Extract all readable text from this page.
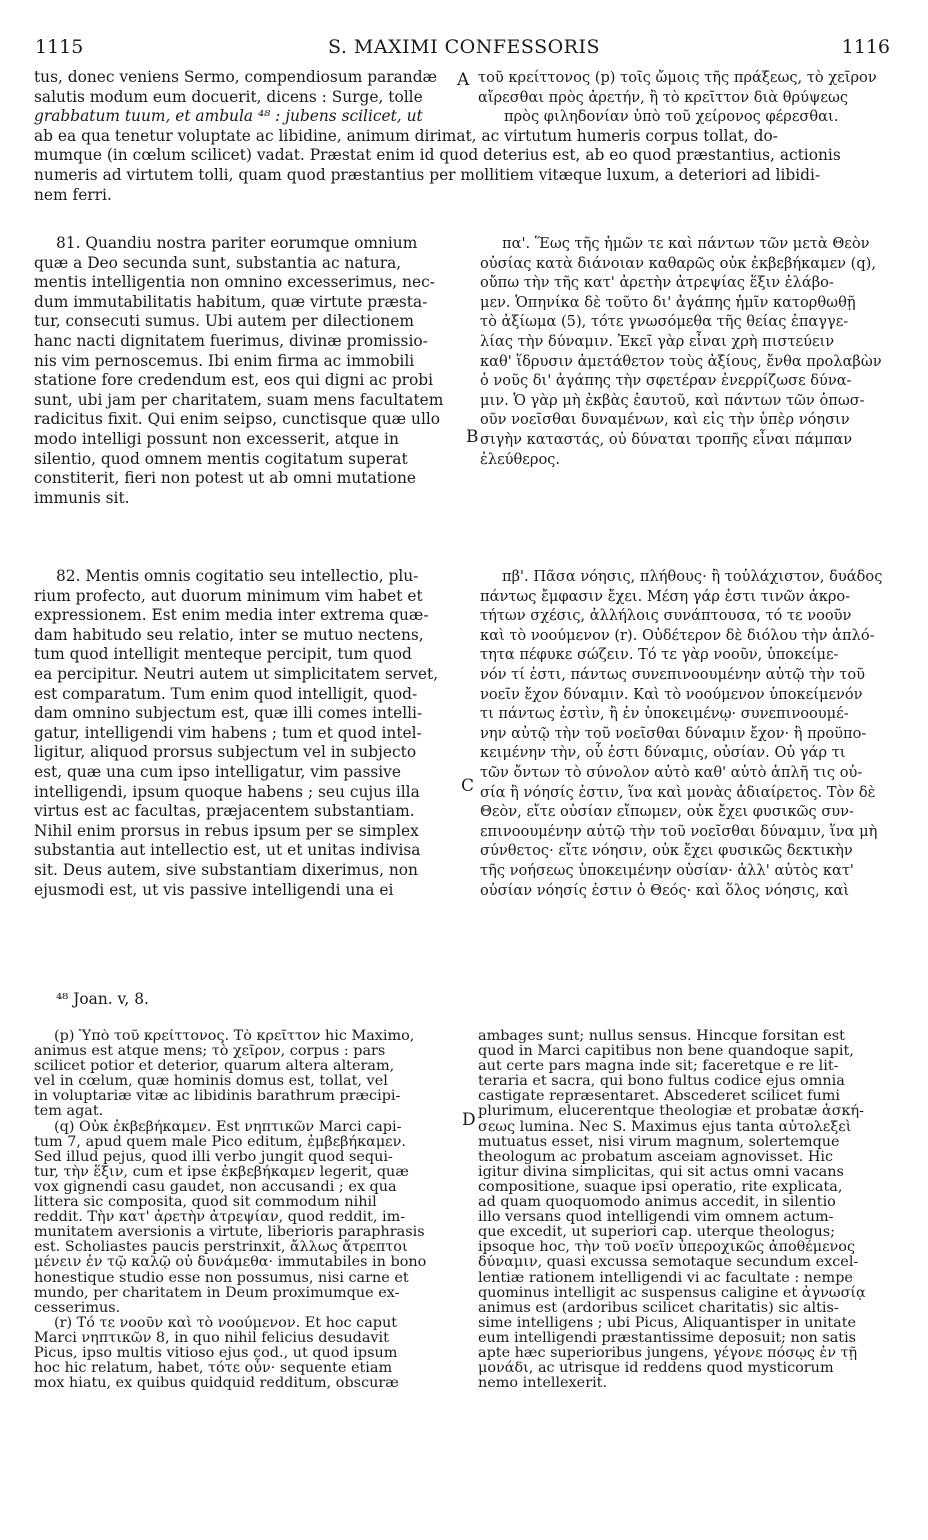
1115	S. MAXIMI CONFESSORIS	1116
A
B
C
D
tus, donec veniens Sermo, compendiosum parandæ
salutis modum eum docuerit, dicens : Surge, tolle
grabbatum tuum, et ambula ⁴⁸ : jubens scilicet, ut
ab ea qua tenetur voluptate ac libidine, animum dirimat, ac virtutum humeris corpus tollat, do-
mumque (in cœlum scilicet) vadat. Præstat enim id quod deterius est, ab eo quod præstantius, actionis
numeris ad virtutem tolli, quam quod præstantius per mollitiem vitæque luxum, a deteriori ad libidi-
nem ferri.
τοῦ κρείττονος (p) τοῖς ὤμοις τῆς πράξεως, τὸ χεῖρον
αἴρεσθαι πρὸς ἀρετήν, ἢ τὸ κρεῖττον διὰ θρύψεως
πρὸς φιληδονίαν ὑπὸ τοῦ χείρονος φέρεσθαι.
81. Quandiu nostra pariter eorumque omnium
quæ a Deo secunda sunt, substantia ac natura,
mentis intelligentia non omnino excesserimus, nec-
dum immutabilitatis habitum, quæ virtute præsta-
tur, consecuti sumus. Ubi autem per dilectionem
hanc nacti dignitatem fuerimus, divinæ promissio-
nis vim pernoscemus. Ibi enim firma ac immobili
statione fore credendum est, eos qui digni ac probi
sunt, ubi jam per charitatem, suam mens facultatem
radicitus fixit. Qui enim seipso, cunctisque quæ ullo
modo intelligi possunt non excesserit, atque in
silentio, quod omnem mentis cogitatum superat
constiterit, fieri non potest ut ab omni mutatione
immunis sit.
πα'. Ἕως τῆς ἡμῶν τε καὶ πάντων τῶν μετὰ Θεὸν
οὐσίας κατὰ διάνοιαν καθαρῶς οὐκ ἐκβεβήκαμεν (q),
οὔπω τὴν τῆς κατ' ἀρετὴν ἀτρεψίας ἕξιν ἐλάβο-
μεν. Ὁπηνίκα δὲ τοῦτο δι' ἀγάπης ἡμῖν κατορθωθῇ
τὸ ἀξίωμα (5), τότε γνωσόμεθα τῆς θείας ἐπαγγε-
λίας τὴν δύναμιν. Ἐκεῖ γὰρ εἶναι χρὴ πιστεύειν
καθ' ἵδρυσιν ἀμετάθετον τοὺς ἀξίους, ἔνθα προλαβὼν
ὁ νοῦς δι' ἀγάπης τὴν σφετέραν ἐνερρίζωσε δύνα-
μιν. Ὁ γὰρ μὴ ἐκβὰς ἑαυτοῦ, καὶ πάντων τῶν ὁπωσ-
οῦν νοεῖσθαι δυναμένων, καὶ εἰς τὴν ὑπὲρ νόησιν
σιγὴν καταστάς, οὐ δύναται τροπῆς εἶναι πάμπαν
ἐλεύθερος.
82. Mentis omnis cogitatio seu intellectio, plu-
rium profecto, aut duorum minimum vim habet et
expressionem. Est enim media inter extrema quæ-
dam habitudo seu relatio, inter se mutuo nectens,
tum quod intelligit menteque percipit, tum quod
ea percipitur. Neutri autem ut simplicitatem servet,
est comparatum. Tum enim quod intelligit, quod-
dam omnino subjectum est, quæ illi comes intelli-
gatur, intelligendi vim habens ; tum et quod intel-
ligitur, aliquod prorsus subjectum vel in subjecto
est, quæ una cum ipso intelligatur, vim passive
intelligendi, ipsum quoque habens ; seu cujus illa
virtus est ac facultas, præjacentem substantiam.
Nihil enim prorsus in rebus ipsum per se simplex
substantia aut intellectio est, ut et unitas indivisa
sit. Deus autem, sive substantiam dixerimus, non
ejusmodi est, ut vis passive intelligendi una ei
πβ'. Πᾶσα νόησις, πλήθους· ἢ τοὐλάχιστον, δυάδος
πάντως ἔμφασιν ἔχει. Μέση γάρ ἐστι τινῶν ἀκρο-
τήτων σχέσις, ἀλλήλοις συνάπτουσα, τό τε νοοῦν
καὶ τὸ νοούμενον (r). Οὐδέτερον δὲ διόλου τὴν ἁπλό-
τητα πέφυκε σώζειν. Τό τε γὰρ νοοῦν, ὑποκείμε-
νόν τί ἐστι, πάντως συνεπινοουμένην αὐτῷ τὴν τοῦ
νοεῖν ἔχον δύναμιν. Καὶ τὸ νοούμενον ὑποκείμενόν
τι πάντως ἐστὶν, ἢ ἐν ὑποκειμένῳ· συνεπινοουμέ-
νην αὐτῷ τὴν τοῦ νοεῖσθαι δύναμιν ἔχον· ἢ προϋπο-
κειμένην τὴν, οὗ ἐστι δύναμις, οὐσίαν. Οὐ γάρ τι
τῶν ὄντων τὸ σύνολον αὐτὸ καθ' αὑτὸ ἁπλῆ τις οὐ-
σία ἢ νόησίς ἐστιν, ἵνα καὶ μονὰς ἀδιαίρετος. Τὸν δὲ
Θεὸν, εἴτε οὐσίαν εἴπωμεν, οὐκ ἔχει φυσικῶς συν-
επινοουμένην αὐτῷ τὴν τοῦ νοεῖσθαι δύναμιν, ἵνα μὴ
σύνθετος· εἴτε νόησιν, οὐκ ἔχει φυσικῶς δεκτικὴν
τῆς νοήσεως ὑποκειμένην οὐσίαν· ἀλλ' αὐτὸς κατ'
οὐσίαν νόησίς ἐστιν ὁ Θεός· καὶ ὅλος νόησις, καὶ
⁴⁸ Joan. v, 8.
(p) Ὑπὸ τοῦ κρείττονος. Τὸ κρεῖττον hic Maximo,
animus est atque mens; τὸ χεῖρον, corpus : pars
scilicet potior et deterior, quarum altera alteram,
vel in cœlum, quæ hominis domus est, tollat, vel
in voluptariæ vitæ ac libidinis barathrum præcipi-
tem agat.
(q) Οὐκ ἐκβεβήκαμεν. Est νηπτικῶν Marci capi-
tum 7, apud quem male Pico editum, ἐμβεβήκαμεν.
Sed illud pejus, quod illi verbo jungit quod sequi-
tur, τὴν ἕξιν, cum et ipse ἐκβεβήκαμεν legerit, quæ
vox gignendi casu gaudet, non accusandi ; ex qua
littera sic composita, quod sit commodum nihil
reddit. Τὴν κατ' ἀρετὴν ἀτρεψίαν, quod reddit, im-
munitatem aversionis a virtute, liberioris paraphrasis
est. Scholiastes paucis perstrinxit, ἄλλως ἄτρεπτοι
μένειν ἐν τῷ καλῷ οὐ δυνάμεθα· immutabiles in bono
honestique studio esse non possumus, nisi carne et
mundo, per charitatem in Deum proximumque ex-
cesserimus.
(r) Τό τε νοοῦν καὶ τὸ νοούμενον. Et hoc caput
Marci νηπτικῶν 8, in quo nihil felicius desudavit
Picus, ipso multis vitioso ejus cod., ut quod ipsum
hoc hic relatum, habet, τότε οὖν· sequente etiam
mox hiatu, ex quibus quidquid redditum, obscuræ
ambages sunt; nullus sensus. Hincque forsitan est
quod in Marci capitibus non bene quandoque sapit,
aut certe pars magna inde sit; faceretque e re lit-
teraria et sacra, qui bono fultus codice ejus omnia
castigate repræsentaret. Abscederet scilicet fumi
plurimum, elucerentque theologiæ et probatæ ἀσκή-
σεως lumina. Nec S. Maximus ejus tanta αὐτολεξεὶ
mutuatus esset, nisi virum magnum, solertemque
theologum ac probatum asceiam agnovisset. Hic
igitur divina simplicitas, qui sit actus omni vacans
compositione, suaque ipsi operatio, rite explicata,
ad quam quoquomodo animus accedit, in silentio
illo versans quod intelligendi vim omnem actum-
que excedit, ut superiori cap. uterque theologus;
ipsoque hoc, τὴν τοῦ νοεῖν ὑπεροχικῶς ἀποθέμενος
δύναμιν, quasi excussa semotaque secundum excel-
lentiæ rationem intelligendi vi ac facultate : nempe
quominus intelligit ac suspensus caligine et ἀγνωσίᾳ
animus est (ardoribus scilicet charitatis) sic altis-
sime intelligens ; ubi Picus, Aliquantisper in unitate
eum intelligendi præstantissime deposuit; non satis
apte hæc superioribus jungens, γέγονε πόσῳς ἐν τῇ
μονάδι, ac utrisque id reddens quod mysticorum
nemo intellexerit.
